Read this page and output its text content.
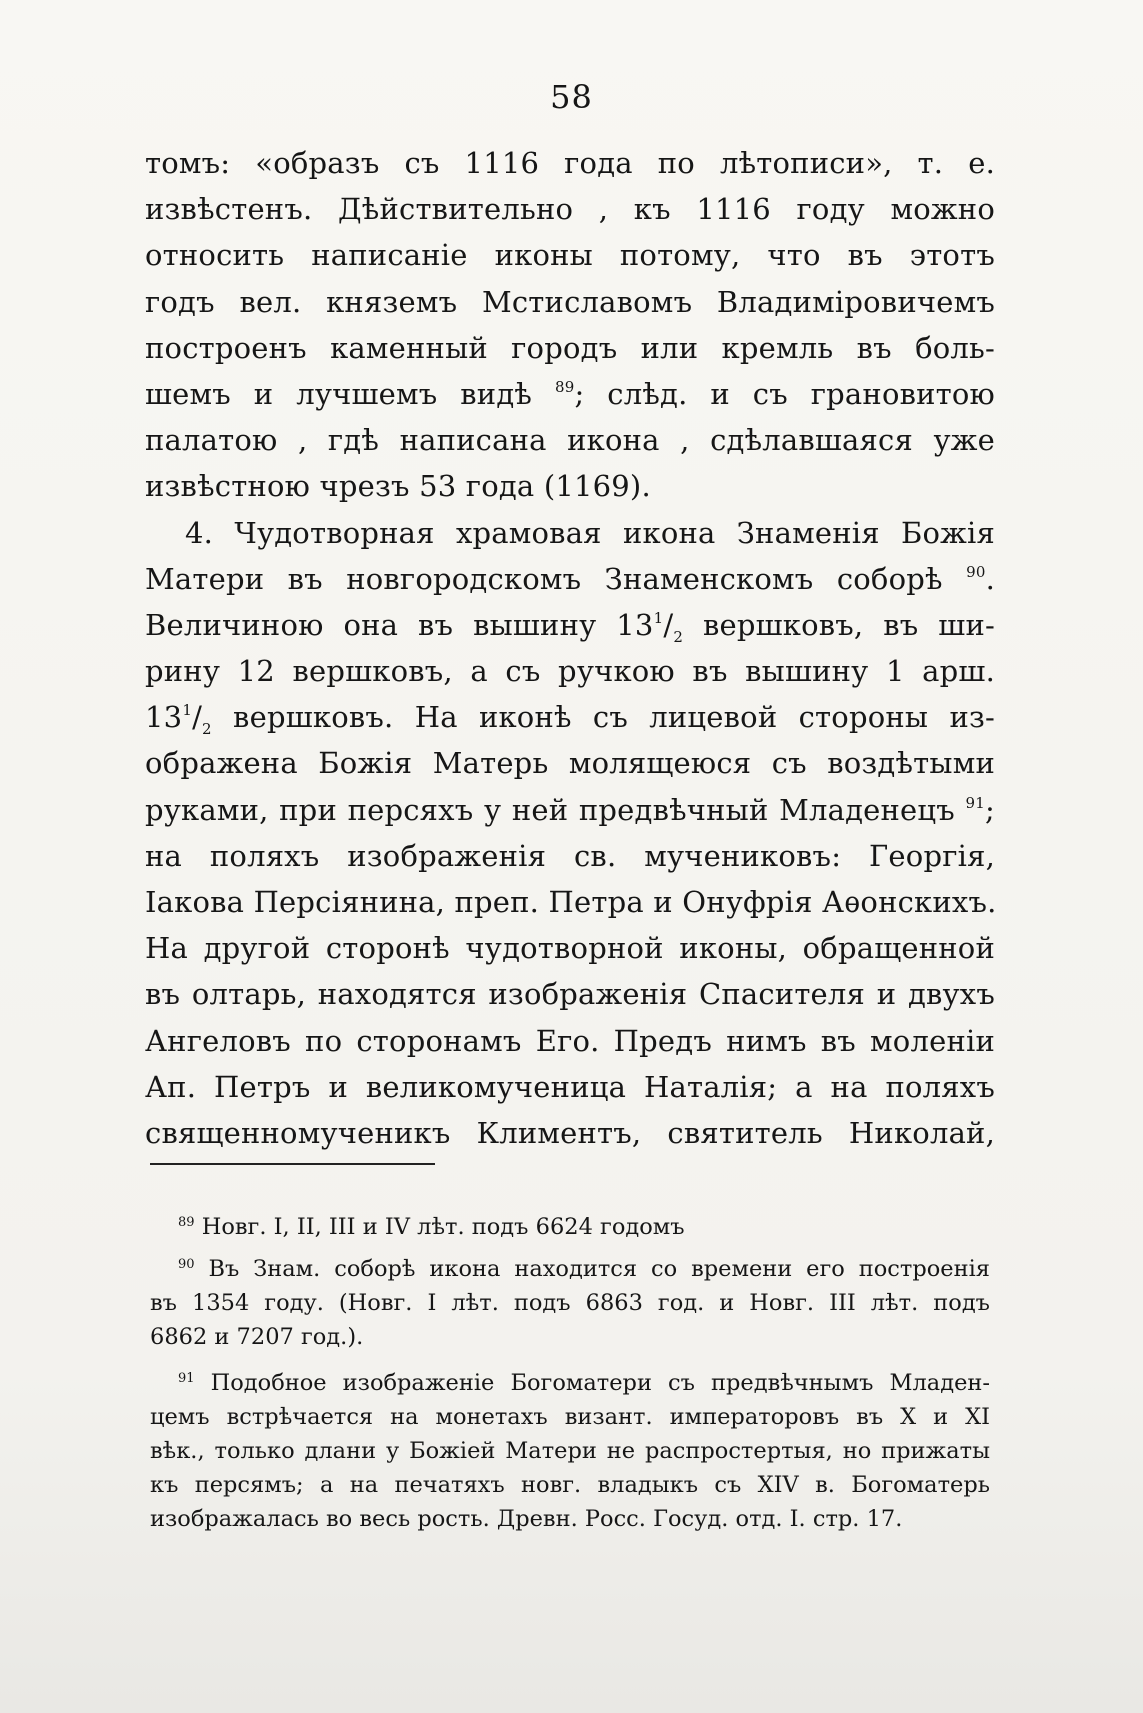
58
томъ: «образъ съ 1116 года по лѣтописи», т. е.
извѣстенъ. Дѣйствительно , къ 1116 году можно
относить написаніе иконы потому, что въ этотъ
годъ вел. княземъ Мстиславомъ Владиміровичемъ
построенъ каменный городъ или кремль въ боль-
шемъ и лучшемъ видѣ $^{89}$; слѣд. и съ грановитою
палатою , гдѣ написана икона , сдѣлавшаяся уже
извѣстною чрезъ 53 года (1169).
4. Чудотворная храмовая икона Знаменія Божія
Матери въ новгородскомъ Знаменскомъ соборѣ $^{90}$.
Величиною она въ вышину $13^1/_2$ вершковъ, въ ши-
рину 12 вершковъ, а съ ручкою въ вышину 1 арш.
$13^1/_2$ вершковъ. На иконѣ съ лицевой стороны из-
ображена Божія Матерь молящеюся съ воздѣтыми
руками, при персяхъ у ней предвѣчный Младенецъ $^{91}$;
на поляхъ изображенія св. мучениковъ: Георгія,
Іакова Персіянина, преп. Петра и Онуфрія Аѳонскихъ.
На другой сторонѣ чудотворной иконы, обращенной
въ олтарь, находятся изображенія Спасителя и двухъ
Ангеловъ по сторонамъ Его. Предъ нимъ въ моленіи
Ап. Петръ и великомученица Наталія; а на поляхъ
священномученикъ Климентъ, святитель Николай,
$^{89}$ Новг. I, II, III и IV лѣт. подъ 6624 годомъ
$^{90}$ Въ Знам. соборѣ икона находится со времени его построенія
въ 1354 году. (Новг. I лѣт. подъ 6863 год. и Новг. III лѣт. подъ
6862 и 7207 год.).
$^{91}$ Подобное изображеніе Богоматери съ предвѣчнымъ Младен-
цемъ встрѣчается на монетахъ визант. императоровъ въ X и XI
вѣк., только длани у Божіей Матери не распростертыя, но прижаты
къ персямъ; а на печатяхъ новг. владыкъ съ XIV в. Богоматерь
изображалась во весь рость. Древн. Росс. Госуд. отд. I. стр. 17.
